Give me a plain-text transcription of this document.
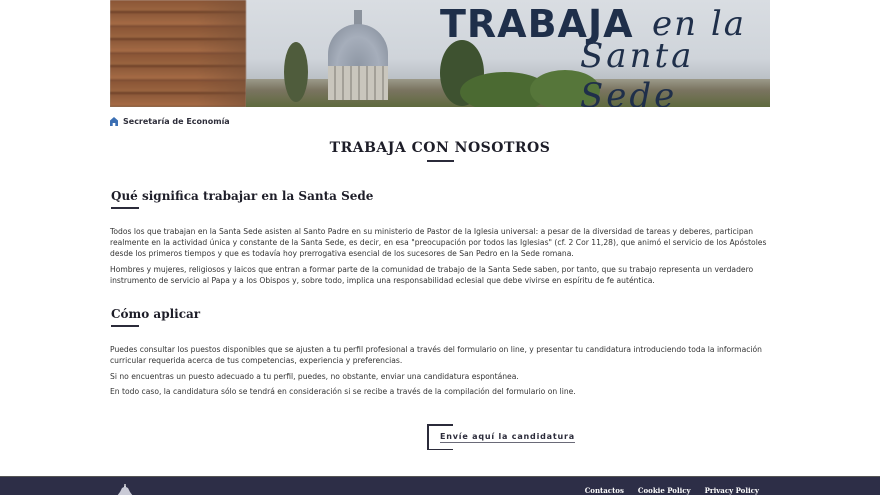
TRABAJA en la
Santa Sede
Secretaría de Economía
TRABAJA CON NOSOTROS
Qué significa trabajar en la Santa Sede

Todos los que trabajan en la Santa Sede asisten al Santo Padre en su ministerio de Pastor de la Iglesia universal: a pesar de la diversidad de tareas y deberes, participan realmente en la actividad única y constante de la Santa Sede, es decir, en esa "preocupación por todos las Iglesias" (cf. 2 Cor 11,28), que animó el servicio de los Apóstoles desde los primeros tiempos y que es todavía hoy prerrogativa esencial de los sucesores de San Pedro en la Sede romana.

Hombres y mujeres, religiosos y laicos que entran a formar parte de la comunidad de trabajo de la Santa Sede saben, por tanto, que su trabajo representa un verdadero instrumento de servicio al Papa y a los Obispos y, sobre todo, implica una responsabilidad eclesial que debe vivirse en espíritu de fe auténtica.

Cómo aplicar

Puedes consultar los puestos disponibles que se ajusten a tu perfil profesional a través del formulario on line, y presentar tu candidatura introduciendo toda la información curricular requerida acerca de tus competencias, experiencia y preferencias.

Si no encuentras un puesto adecuado a tu perfil, puedes, no obstante, enviar una candidatura espontánea.

En todo caso, la candidatura sólo se tendrá en consideración si se recibe a través de la compilación del formulario on line.

Envíe aquí la candidatura
Contactos Cookie Policy Privacy Policy
